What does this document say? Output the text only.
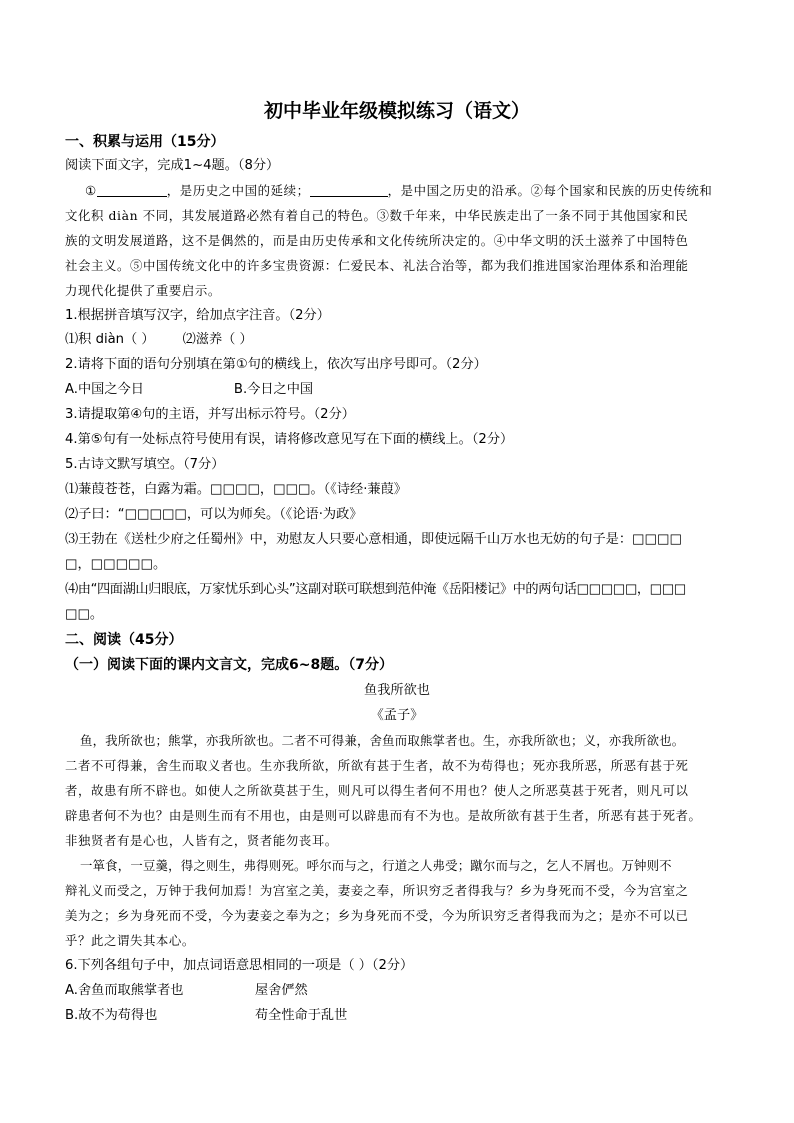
初中毕业年级模拟练习（语文）
一、积累与运用（15分）
阅读下面文字，完成1~4题。（8分）
①	，是历史之中国的延续；	，是中国之历史的沿承。②每个国家和民族的历史传统和
文化积 diàn 不同，其发展道路必然有着自己的特色。③数千年来，中华民族走出了一条不同于其他国家和民
族的文明发展道路，这不是偶然的，而是由历史传承和文化传统所决定的。④中华文明的沃土滋养了中国特色
社会主义。⑤中国传统文化中的许多宝贵资源：仁爱民本、礼法合治等，都为我们推进国家治理体系和治理能
力现代化提供了重要启示。
1.根据拼音填写汉字，给加点字注音。（2分）
⑴积 diàn（ ） ⑵滋养（ ）
2.请将下面的语句分别填在第①句的横线上，依次写出序号即可。（2分）
A.中国之今日	B.今日之中国
3.请提取第④句的主语，并写出标示符号。（2分）
4.第⑤句有一处标点符号使用有误，请将修改意见写在下面的横线上。（2分）
5.古诗文默写填空。（7分）
⑴蒹葭苍苍，白露为霜。□□□□，□□□。（《诗经·蒹葭》
⑵子曰：“□□□□□，可以为师矣。（《论语·为政》
⑶王勃在《送杜少府之任蜀州》中，劝慰友人只要心意相通，即使远隔千山万水也无妨的句子是：□□□□
□，□□□□□。
⑷由“四面湖山归眼底，万家忧乐到心头”这副对联可联想到范仲淹《岳阳楼记》中的两句话□□□□□，□□□
□□。
二、阅读（45分）
（一）阅读下面的课内文言文，完成6~8题。（7分）
鱼我所欲也
《孟子》
鱼，我所欲也；熊掌，亦我所欲也。二者不可得兼，舍鱼而取熊掌者也。生，亦我所欲也；义，亦我所欲也。
二者不可得兼，舍生而取义者也。生亦我所欲，所欲有甚于生者，故不为苟得也；死亦我所恶，所恶有甚于死
者，故患有所不辟也。如使人之所欲莫甚于生，则凡可以得生者何不用也？使人之所恶莫甚于死者，则凡可以
辟患者何不为也？由是则生而有不用也，由是则可以辟患而有不为也。是故所欲有甚于生者，所恶有甚于死者。
非独贤者有是心也，人皆有之，贤者能勿丧耳。
一箪食，一豆羹，得之则生，弗得则死。呼尔而与之，行道之人弗受；蹴尔而与之，乞人不屑也。万钟则不
辩礼义而受之，万钟于我何加焉！为宫室之美，妻妾之奉，所识穷乏者得我与？乡为身死而不受，今为宫室之
美为之；乡为身死而不受，今为妻妾之奉为之；乡为身死而不受，今为所识穷乏者得我而为之；是亦不可以已
乎？此之谓失其本心。
6.下列各组句子中，加点词语意思相同的一项是（ ）（2分）
A.舍鱼而取熊掌者也	屋舍俨然
B.故不为苟得也	苟全性命于乱世
